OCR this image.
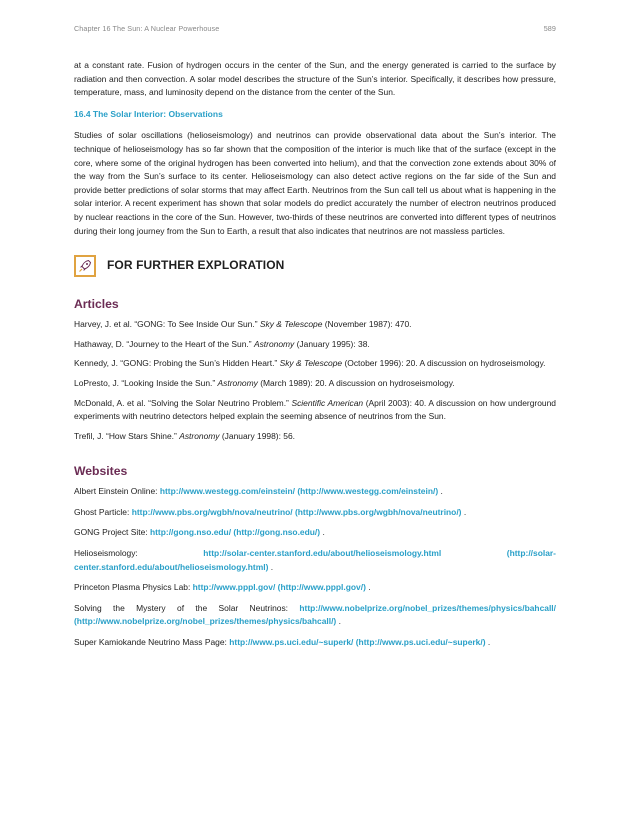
Chapter 16 The Sun: A Nuclear Powerhouse	589

at a constant rate. Fusion of hydrogen occurs in the center of the Sun, and the energy generated is carried to the surface by radiation and then convection. A solar model describes the structure of the Sun’s interior. Specifically, it describes how pressure, temperature, mass, and luminosity depend on the distance from the center of the Sun.

16.4 The Solar Interior: Observations

Studies of solar oscillations (helioseismology) and neutrinos can provide observational data about the Sun’s interior. The technique of helioseismology has so far shown that the composition of the interior is much like that of the surface (except in the core, where some of the original hydrogen has been converted into helium), and that the convection zone extends about 30% of the way from the Sun’s surface to its center. Helioseismology can also detect active regions on the far side of the Sun and provide better predictions of solar storms that may affect Earth. Neutrinos from the Sun call tell us about what is happening in the solar interior. A recent experiment has shown that solar models do predict accurately the number of electron neutrinos produced by nuclear reactions in the core of the Sun. However, two-thirds of these neutrinos are converted into different types of neutrinos during their long journey from the Sun to Earth, a result that also indicates that neutrinos are not massless particles.

FOR FURTHER EXPLORATION
Articles

Harvey, J. et al. “GONG: To See Inside Our Sun.” Sky & Telescope (November 1987): 470.

Hathaway, D. “Journey to the Heart of the Sun.” Astronomy (January 1995): 38.

Kennedy, J. “GONG: Probing the Sun’s Hidden Heart.” Sky & Telescope (October 1996): 20. A discussion on hydroseismology.

LoPresto, J. “Looking Inside the Sun.” Astronomy (March 1989): 20. A discussion on hydroseismology.

McDonald, A. et al. “Solving the Solar Neutrino Problem.” Scientific American (April 2003): 40. A discussion on how underground experiments with neutrino detectors helped explain the seeming absence of neutrinos from the Sun.

Trefil, J. “How Stars Shine.” Astronomy (January 1998): 56.

Websites

Albert Einstein Online: http://www.westegg.com/einstein/ (http://www.westegg.com/einstein/) .

Ghost Particle: http://www.pbs.org/wgbh/nova/neutrino/ (http://www.pbs.org/wgbh/nova/neutrino/) .

GONG Project Site: http://gong.nso.edu/ (http://gong.nso.edu/) .

Helioseismology: http://solar-center.stanford.edu/about/helioseismology.html (http://solar-center.stanford.edu/about/helioseismology.html) .

Princeton Plasma Physics Lab: http://www.pppl.gov/ (http://www.pppl.gov/) .

Solving the Mystery of the Solar Neutrinos: http://www.nobelprize.org/nobel_prizes/themes/physics/bahcall/ (http://www.nobelprize.org/nobel_prizes/themes/physics/bahcall/) .

Super Kamiokande Neutrino Mass Page: http://www.ps.uci.edu/~superk/ (http://www.ps.uci.edu/~superk/) .
